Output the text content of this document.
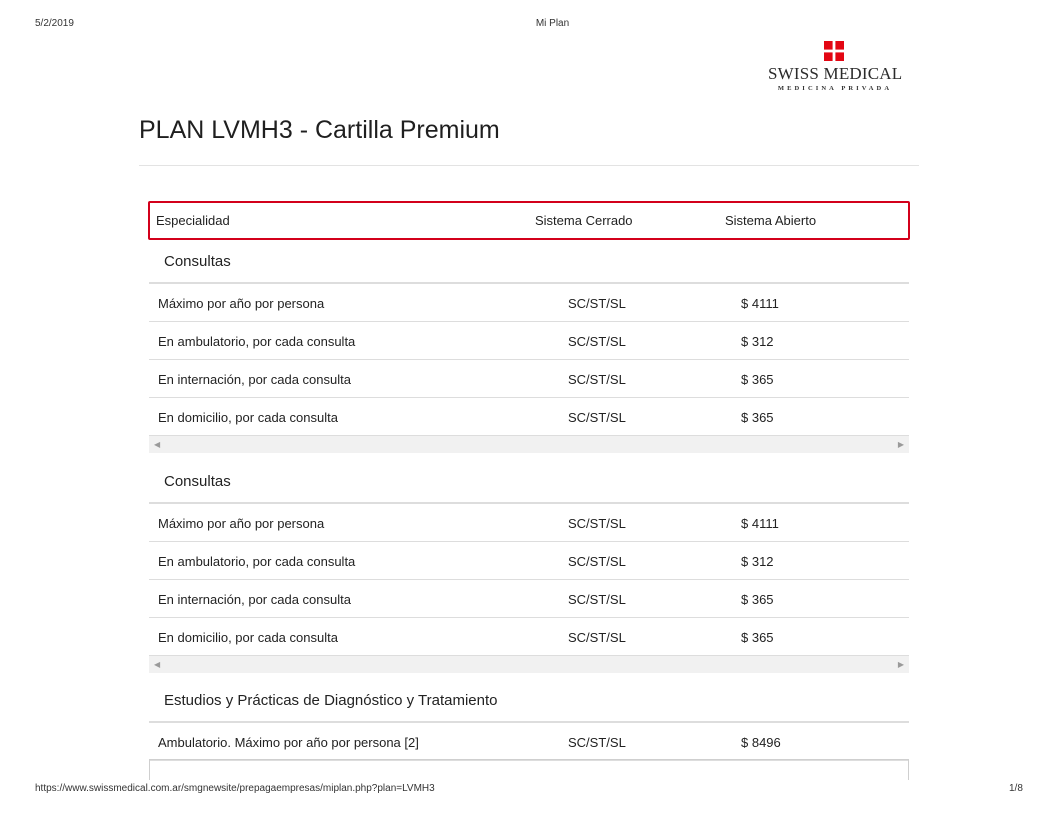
5/2/2019	Mi Plan
SWISS MEDICAL
MEDICINA PRIVADA
PLAN LVMH3 - Cartilla Premium
Especialidad	Sistema Cerrado	Sistema Abierto
Consultas
Máximo por año por persona	SC/ST/SL	$ 4111
En ambulatorio, por cada consulta	SC/ST/SL	$ 312
En internación, por cada consulta	SC/ST/SL	$ 365
En domicilio, por cada consulta	SC/ST/SL	$ 365
◀	▶
Consultas
Máximo por año por persona	SC/ST/SL	$ 4111
En ambulatorio, por cada consulta	SC/ST/SL	$ 312
En internación, por cada consulta	SC/ST/SL	$ 365
En domicilio, por cada consulta	SC/ST/SL	$ 365
◀	▶
Estudios y Prácticas de Diagnóstico y Tratamiento
Ambulatorio. Máximo por año por persona [2]	SC/ST/SL	$ 8496
https://www.swissmedical.com.ar/smgnewsite/prepagaempresas/miplan.php?plan=LVMH3	1/8
